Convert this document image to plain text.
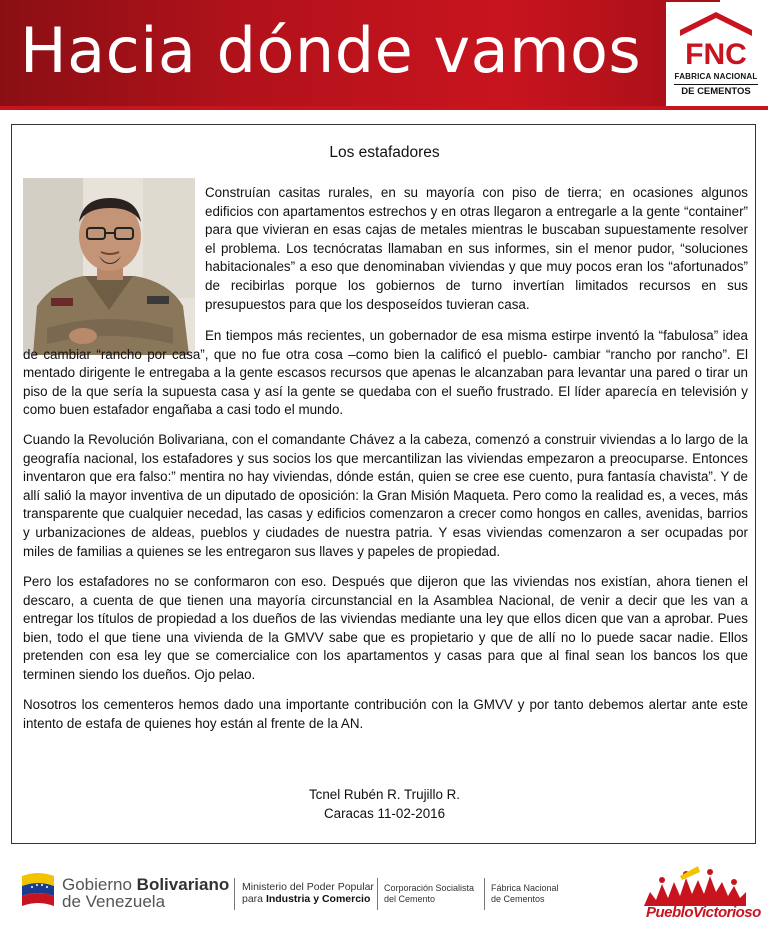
Hacia dónde vamos FNC
FABRICA NACIONAL
DE CEMENTOS
Los estafadores

Construían casitas rurales, en su mayoría con piso de tierra; en ocasiones algunos edificios con apartamentos estrechos y en otras llegaron a entregarle a la gente “container” para que vivieran en esas cajas de metales mientras le buscaban supuestamente resolver el problema. Los tecnócratas llamaban en sus informes, sin el menor pudor, “soluciones habitacionales” a eso que denominaban viviendas y que muy pocos eran los “afortunados” de recibirlas porque los gobiernos de turno invertían limitados recursos en sus presupuestos para que los desposeídos tuvieran casa.

En tiempos más recientes, un gobernador de esa misma estirpe inventó la “fabulosa” idea de cambiar “rancho por casa”, que no fue otra cosa –como bien la calificó el pueblo- cambiar “rancho por rancho”. El mentado dirigente le entregaba a la gente escasos recursos que apenas le alcanzaban para levantar una pared o tirar un piso de la que sería la supuesta casa y así la gente se quedaba con el sueño frustrado. El líder aparecía en televisión y como buen estafador engañaba a casi todo el mundo.

Cuando la Revolución Bolivariana, con el comandante Chávez a la cabeza, comenzó a construir viviendas a lo largo de la geografía nacional, los estafadores y sus socios los que mercantilizan las viviendas empezaron a preocuparse. Entonces inventaron que era falso:” mentira no hay viviendas, dónde están, quien se cree ese cuento, pura fantasía chavista”. Y de allí salió la mayor inventiva de un diputado de oposición: la Gran Misión Maqueta. Pero como la realidad es, a veces, más transparente que cualquier necedad, las casas y edificios comenzaron a crecer como hongos en calles, avenidas, barrios y urbanizaciones de aldeas, pueblos y ciudades de nuestra patria. Y esas viviendas comenzaron a ser ocupadas por miles de familias a quienes se les entregaron sus llaves y papeles de propiedad.

Pero los estafadores no se conformaron con eso. Después que dijeron que las viviendas nos existían, ahora tienen el descaro, a cuenta de que tienen una mayoría circunstancial en la Asamblea Nacional, de venir a decir que les van a entregar los títulos de propiedad a los dueños de las viviendas mediante una ley que ellos dicen que van a aprobar. Pues bien, todo el que tiene una vivienda de la GMVV sabe que es propietario y que de allí no lo puede sacar nadie. Ellos pretenden con esa ley que se comercialice con los apartamentos y casas para que al final sean los bancos los que terminen siendo los dueños. Ojo pelao.

Nosotros los cementeros hemos dado una importante contribución con la GMVV y por tanto debemos alertar ante este intento de estafa de quienes hoy están al frente de la AN.

Tcnel Rubén R. Trujillo R.
Caracas 11-02-2016
Gobierno Bolivariano
de Venezuela
Ministerio del Poder Popular
para Industria y Comercio
Corporación Socialista
del Cemento
Fábrica Nacional
de Cementos
PuebloVictorioso
